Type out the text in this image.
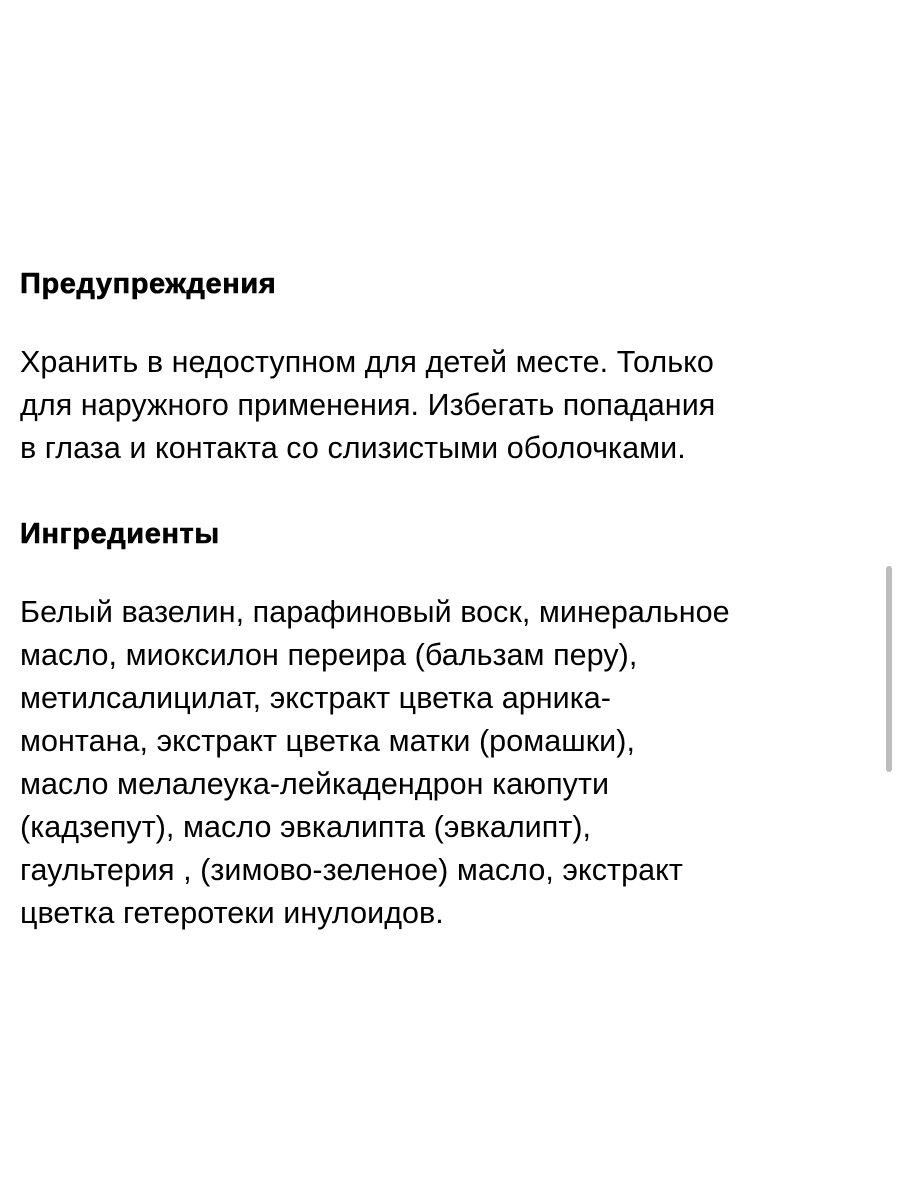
Предупреждения

Хранить в недоступном для детей месте. Только
для наружного применения. Избегать попадания
в глаза и контакта со слизистыми оболочками.

Ингредиенты

Белый вазелин, парафиновый воск, минеральное
масло, миоксилон переира (бальзам перу),
метилсалицилат, экстракт цветка арника-
монтана, экстракт цветка матки (ромашки),
масло мелалеука-лейкадендрон каюпути
(кадзепут), масло эвкалипта (эвкалипт),
гаультерия , (зимово-зеленое) масло, экстракт
цветка гетеротеки инулоидов.
